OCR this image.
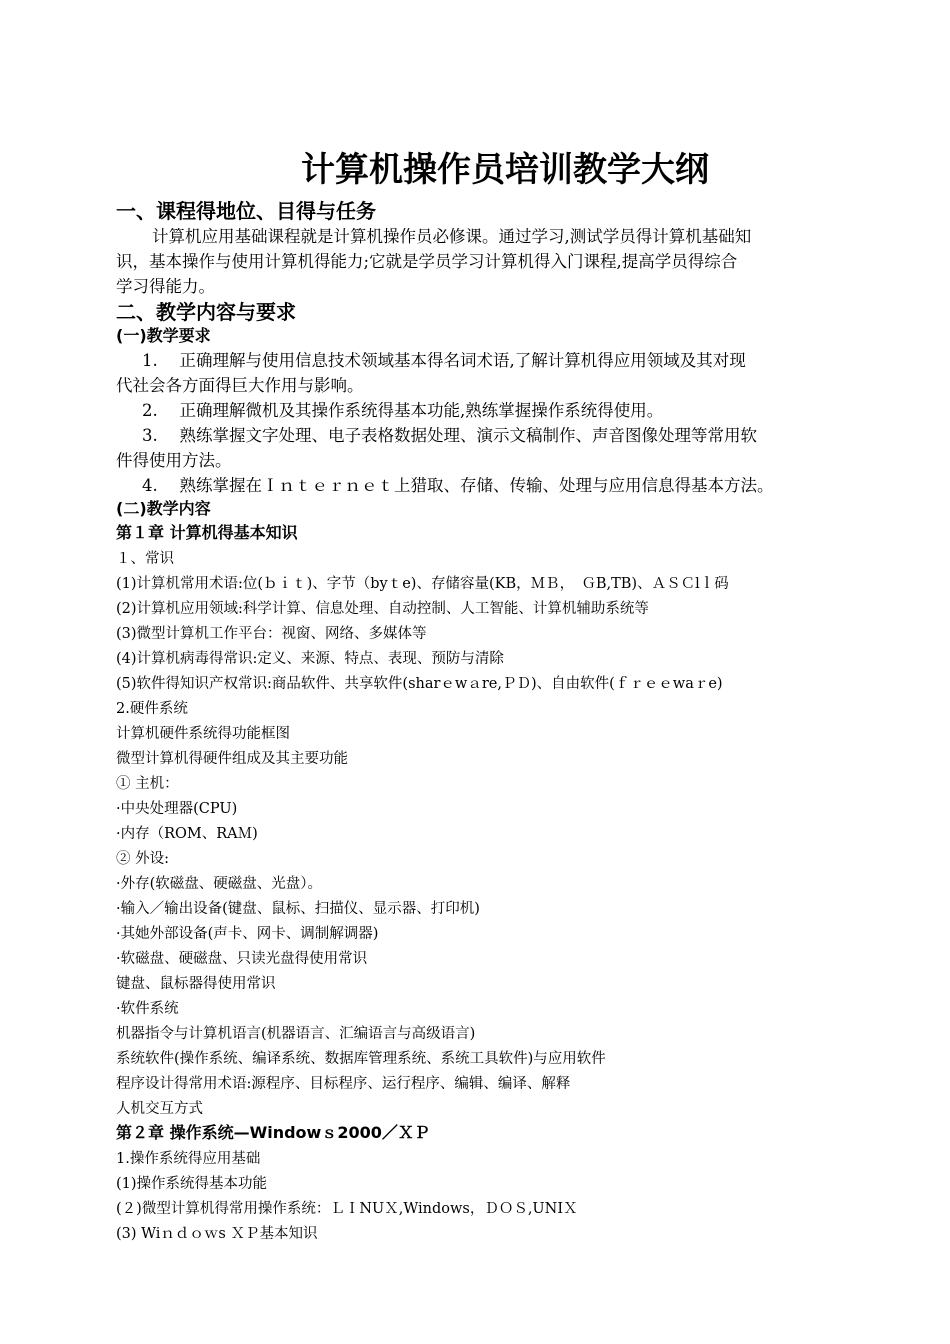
计算机操作员培训教学大纲
一、课程得地位、目得与任务
计算机应用基础课程就是计算机操作员必修课。通过学习,测试学员得计算机基础知
识，基本操作与使用计算机得能力;它就是学员学习计算机得入门课程,提高学员得综合
学习得能力。
二、教学内容与要求
(一)教学要求
1.　 正确理解与使用信息技术领域基本得名词术语,了解计算机得应用领域及其对现
代社会各方面得巨大作用与影响。
2.　 正确理解微机及其操作系统得基本功能,熟练掌握操作系统得使用。
3.　 熟练掌握文字处理、电子表格数据处理、演示文稿制作、声音图像处理等常用软
件得使用方法。
4.　 熟练掌握在Ｉｎｔｅｒｎｅｔ上猎取、存储、传输、处理与应用信息得基本方法。
(二)教学内容
第１章 计算机得基本知识
１、常识
(1)计算机常用术语:位(ｂｉｔ)、字节（byｔe)、存储容量(KB，ＭＢ，　ＧB,TB)、ＡＳＣlｌ码
(2)计算机应用领域:科学计算、信息处理、自动控制、人工智能、计算机辅助系统等
(3)微型计算机工作平台：视窗、网络、多媒体等
(4)计算机病毒得常识:定义、来源、特点、表现、预防与清除
(5)软件得知识产权常识:商品软件、共享软件(sharｅwａre,ＰＤ)、自由软件(ｆｒｅｅwaｒe)
2.硬件系统
计算机硬件系统得功能框图
微型计算机得硬件组成及其主要功能
① 主机：
·中央处理器(CPU)
·内存（ROM、RAＭ)
② 外设:
·外存(软磁盘、硬磁盘、光盘）。
·输入／输出设备(键盘、鼠标、扫描仪、显示器、打印机)
·其她外部设备(声卡、网卡、调制解调器)
·软磁盘、硬磁盘、只读光盘得使用常识
键盘、鼠标器得使用常识
·软件系统
机器指令与计算机语言(机器语言、汇编语言与高级语言)
系统软件(操作系统、编译系统、数据库管理系统、系统工具软件)与应用软件
程序设计得常用术语:源程序、目标程序、运行程序、编辑、编译、解释
人机交互方式
第２章 操作系统—Windowｓ2000／ＸＰ
1.操作系统得应用基础
(1)操作系统得基本功能
(２)微型计算机得常用操作系统：ＬＩNUＸ,Windows，ＤＯＳ,UNIＸ
(3) Wiｎｄｏｗs ＸＰ基本知识
